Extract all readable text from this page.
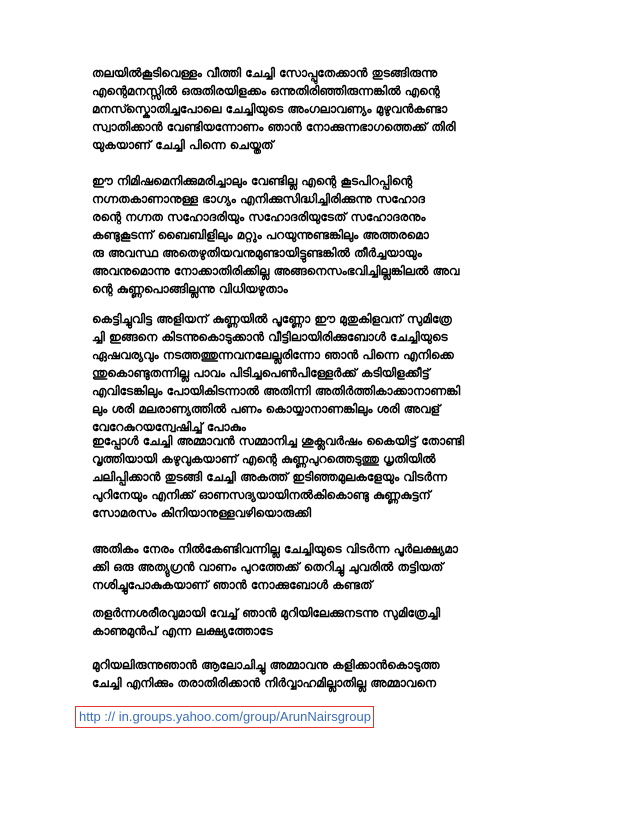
തലയിൽകൂടിവെള്ളം വീത്തി ചേച്ചി സോപ്പുതേക്കാൻ തുടങ്ങിരുന്നു
എന്റെമനസ്സിൽ ഒരുതിരയിളക്കം ഒന്നുതിരിഞ്ഞിരുന്നങ്കിൽ എന്റെ
മനസ്സ്കൊതിച്ചപോലെ ചേച്ചിയുടെ അംഗലാവണ്യം മുഴുവൻകണ്ടാ
സ്വാതിക്കാൻ വേണ്ടിയന്നോണം ഞാൻ നോക്കുന്നഭാഗത്തെക്ക് തിരി
യുകയാണ് ചേച്ചി പിന്നെ ചെയ്തത്
ഈ നിമിഷമെനിക്കുമരിച്ചാലും വേണ്ടില്ല എന്റെ കൂടപിറപ്പിന്റെ
നഗ്നതകാണാനുള്ള ഭാഗ്യം എനിക്കുസിദ്ധിച്ചിരിക്കുന്നു സഹോദ
രന്റെ നഗ്നത സഹോദരിയും സഹോദരിയുടേത് സഹോദരനും
കണ്ടുകൂടന്ന് ബൈബിളിലും മറ്റും പറയുന്നുണ്ടങ്കിലും അത്തരമൊ
രു അവസ്ഥ അതെഴുതിയവനുമുണ്ടായിട്ടുണ്ടങ്കിൽ തീർച്ചയായും
അവനുമൊന്നു നോക്കാതിരിക്കില്ല അങ്ങനെസംഭവിച്ചില്ലങ്കിലൽ അവ
ന്റെ കുണ്ണപൊങ്ങില്ലന്നു വിധിയഴുതാം
കെട്ടിച്ചുവിട്ട അളിയന് കുണ്ണയിൽ പൂണ്ണോ ഈ മുതുകിളവന് സുമിത്രേ
ച്ചി ഇങ്ങനെ കിടന്നുകൊടുക്കാൻ വീട്ടിലായിരിക്കുബോൾ ചേച്ചിയുടെ
ഏഷവര്യവും നടത്തത്തുന്നവനലേല്ലരിന്നോ ഞാൻ പിന്നെ എനിക്കെ
ന്തുകൊണ്ടുതന്നില്ല പാവം പിടിച്ചപെൺപിള്ളേർക്ക് കടിയിളക്കീട്ട്
എവിടേങ്കിലും പോയികിടന്നാൽ അതിന്നി അതിർത്തികാക്കാനാണങ്കി
ലും ശരി മലരാണ്യത്തിൽ പണം കൊയ്യാനാണങ്കിലും ശരി അവള്
വേറേകുറയന്വേഷിച്ച് പോകും
ഇപ്പോൾ ചേച്ചി അമ്മാവൻ സമ്മാനിച്ച ശുക്ലവർഷം കൈയിട്ട് തോണ്ടി
വൃത്തിയായി കഴുവുകയാണ് എന്റെ കുണ്ണപുറത്തെടുത്തു ധൃതിയിൽ
ചലിപ്പിക്കാൻ തുടങ്ങി ചേച്ചി അകത്ത് ഇടിഞ്ഞമുലകളേയും വിടർന്ന
പുറിനേയും എനിക്ക് ഓണസദ്യയായിനൽകികൊണ്ടു കുണ്ണകുട്ടന്
സോമരസം കിനിയാനുള്ളവഴിയൊരുക്കി
അതികം നേരം നിൽകേണ്ടിവന്നില്ല ചേച്ചിയുടെ വിടർന്ന പൂർലക്ഷ്യമാ
ക്കി ഒരു അത്യുഗ്രൻ വാണം പുറത്തേക്ക് തെറിച്ചു ചുവരിൽ തട്ടിയത്
നശിച്ചുപോകുകയാണ് ഞാൻ നോക്കുബോൾ കണ്ടത്
തളർന്നശരീരവുമായി വേച്ച് ഞാൻ മുറിയിലേക്കുനടന്നു സുമിത്രേച്ചി
കാണുമുൻപ് എന്ന ലക്ഷ്യത്തോടേ
മുറിയലിരുന്നുഞാൻ ആലോചിച്ചു അമ്മാവനു കളിക്കാൻകൊടുത്ത
ചേച്ചി എനിക്കും തരാതിരിക്കാൻ നിർവ്വാഹമില്ലാതില്ല അമ്മാവനെ
http :// in.groups.yahoo.com/group/ArunNairsgroup
